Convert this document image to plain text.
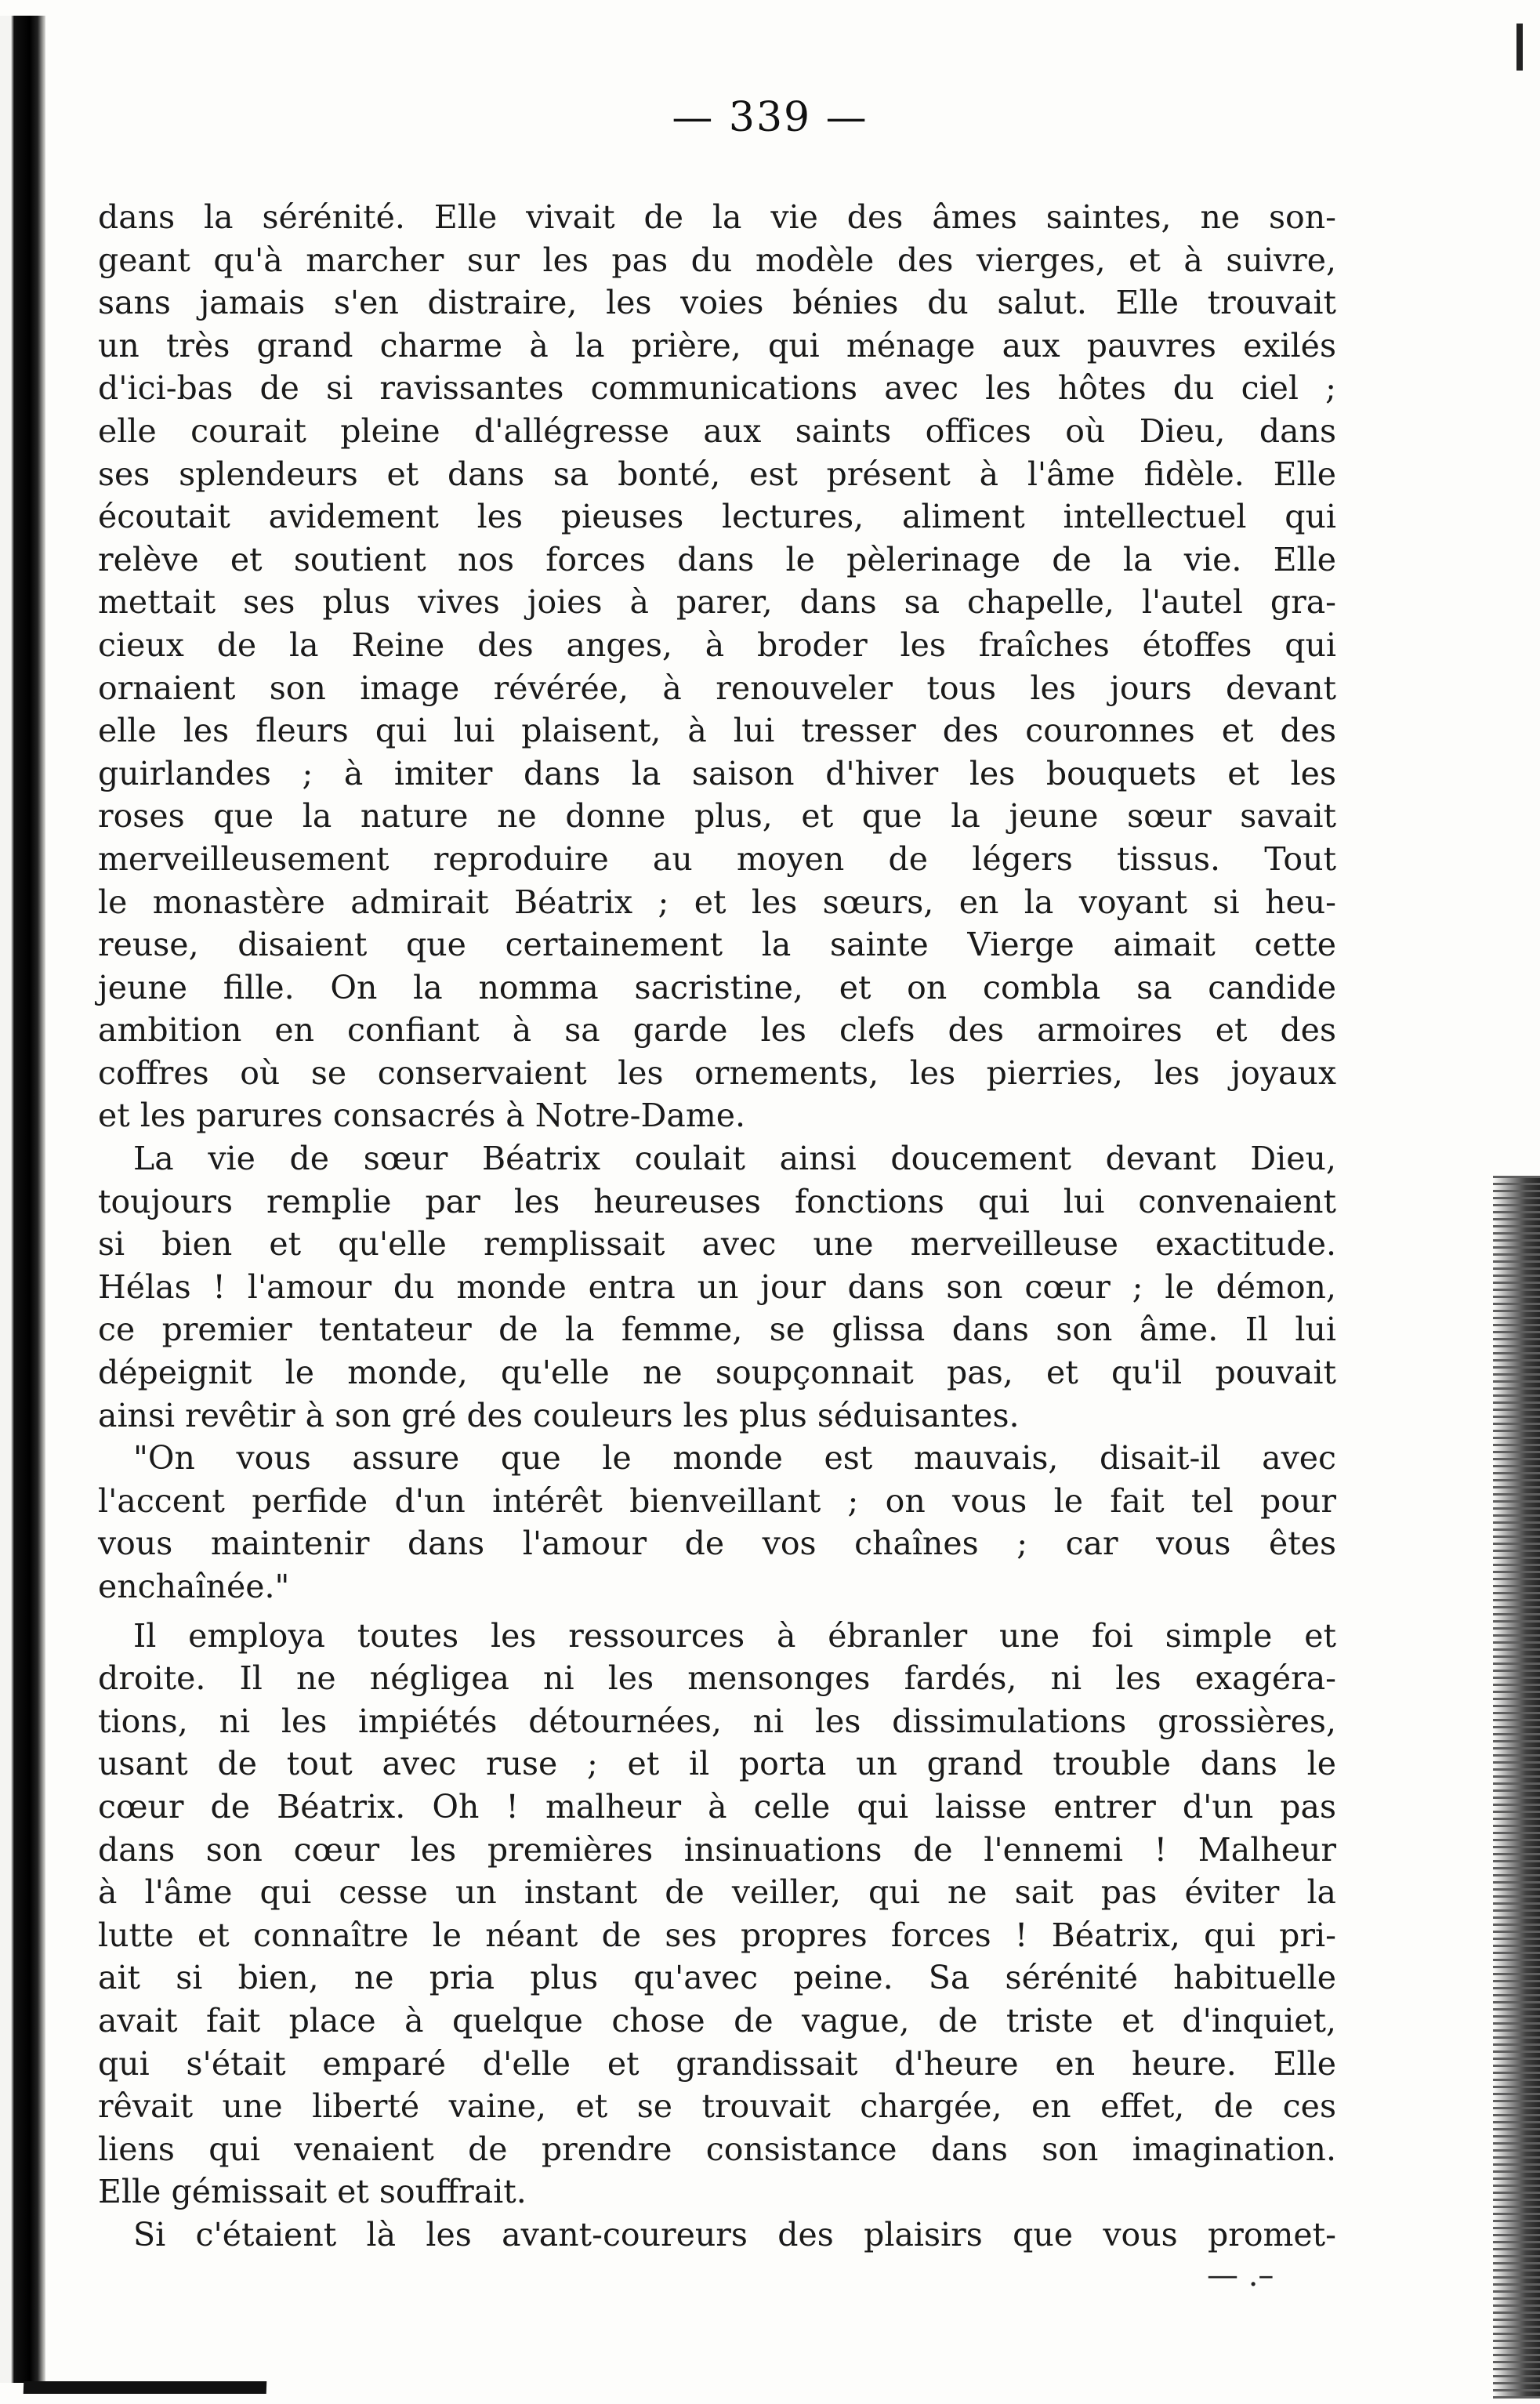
— 339 —
dans la sérénité. Elle vivait de la vie des âmes saintes, ne son-
geant qu'à marcher sur les pas du modèle des vierges, et à suivre,
sans jamais s'en distraire, les voies bénies du salut. Elle trouvait
un très grand charme à la prière, qui ménage aux pauvres exilés
d'ici-bas de si ravissantes communications avec les hôtes du ciel ;
elle courait pleine d'allégresse aux saints offices où Dieu, dans
ses splendeurs et dans sa bonté, est présent à l'âme fidèle. Elle
écoutait avidement les pieuses lectures, aliment intellectuel qui
relève et soutient nos forces dans le pèlerinage de la vie. Elle
mettait ses plus vives joies à parer, dans sa chapelle, l'autel gra-
cieux de la Reine des anges, à broder les fraîches étoffes qui
ornaient son image révérée, à renouveler tous les jours devant
elle les fleurs qui lui plaisent, à lui tresser des couronnes et des
guirlandes ; à imiter dans la saison d'hiver les bouquets et les
roses que la nature ne donne plus, et que la jeune sœur savait
merveilleusement reproduire au moyen de légers tissus. Tout
le monastère admirait Béatrix ; et les sœurs, en la voyant si heu-
reuse, disaient que certainement la sainte Vierge aimait cette
jeune fille. On la nomma sacristine, et on combla sa candide
ambition en confiant à sa garde les clefs des armoires et des
coffres où se conservaient les ornements, les pierries, les joyaux
et les parures consacrés à Notre-Dame.
La vie de sœur Béatrix coulait ainsi doucement devant Dieu,
toujours remplie par les heureuses fonctions qui lui convenaient
si bien et qu'elle remplissait avec une merveilleuse exactitude.
Hélas ! l'amour du monde entra un jour dans son cœur ; le démon,
ce premier tentateur de la femme, se glissa dans son âme. Il lui
dépeignit le monde, qu'elle ne soupçonnait pas, et qu'il pouvait
ainsi revêtir à son gré des couleurs les plus séduisantes.
"On vous assure que le monde est mauvais, disait-il avec
l'accent perfide d'un intérêt bienveillant ; on vous le fait tel pour
vous maintenir dans l'amour de vos chaînes ; car vous êtes
enchaînée."
Il employa toutes les ressources à ébranler une foi simple et
droite. Il ne négligea ni les mensonges fardés, ni les exagéra-
tions, ni les impiétés détournées, ni les dissimulations grossières,
usant de tout avec ruse ; et il porta un grand trouble dans le
cœur de Béatrix. Oh ! malheur à celle qui laisse entrer d'un pas
dans son cœur les premières insinuations de l'ennemi ! Malheur
à l'âme qui cesse un instant de veiller, qui ne sait pas éviter la
lutte et connaître le néant de ses propres forces ! Béatrix, qui pri-
ait si bien, ne pria plus qu'avec peine. Sa sérénité habituelle
avait fait place à quelque chose de vague, de triste et d'inquiet,
qui s'était emparé d'elle et grandissait d'heure en heure. Elle
rêvait une liberté vaine, et se trouvait chargée, en effet, de ces
liens qui venaient de prendre consistance dans son imagination.
Elle gémissait et souffrait.
Si c'étaient là les avant-coureurs des plaisirs que vous promet-
— .–
